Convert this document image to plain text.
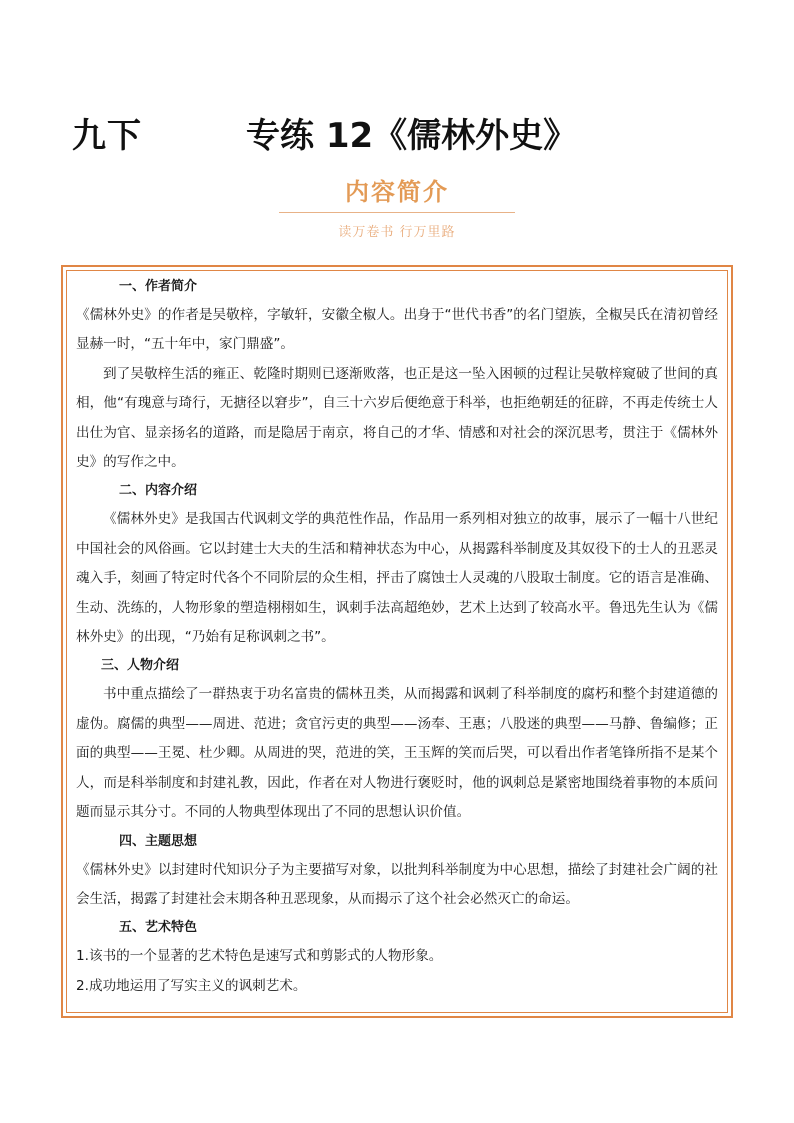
九下	专练 12《儒林外史》
内容简介
读万卷书 行万里路
一、作者简介

《儒林外史》的作者是吴敬梓，字敏轩，安徽全椒人。出身于“世代书香”的名门望族，全椒吴氏在清初曾经显赫一时，“五十年中，家门鼎盛”。

到了吴敬梓生活的雍正、乾隆时期则已逐渐败落，也正是这一坠入困顿的过程让吴敬梓窥破了世间的真相，他“有瑰意与琦行，无搪径以窘步”，自三十六岁后便绝意于科举，也拒绝朝廷的征辟，不再走传统士人出仕为官、显亲扬名的道路，而是隐居于南京，将自己的才华、情感和对社会的深沉思考，贯注于《儒林外史》的写作之中。

二、内容介绍

《儒林外史》是我国古代讽刺文学的典范性作品，作品用一系列相对独立的故事，展示了一幅十八世纪中国社会的风俗画。它以封建士大夫的生活和精神状态为中心，从揭露科举制度及其奴役下的士人的丑恶灵魂入手，刻画了特定时代各个不同阶层的众生相，抨击了腐蚀士人灵魂的八股取士制度。它的语言是准确、生动、洗练的，人物形象的塑造栩栩如生，讽刺手法高超绝妙，艺术上达到了较高水平。鲁迅先生认为《儒林外史》的出现，“乃始有足称讽刺之书”。

三、人物介绍

书中重点描绘了一群热衷于功名富贵的儒林丑类，从而揭露和讽刺了科举制度的腐朽和整个封建道德的虚伪。腐儒的典型——周进、范进；贪官污吏的典型——汤奉、王惠；八股迷的典型——马静、鲁编修；正面的典型——王冕、杜少卿。从周进的哭，范进的笑，王玉辉的笑而后哭，可以看出作者笔锋所指不是某个人，而是科举制度和封建礼教，因此，作者在对人物进行褒贬时，他的讽刺总是紧密地围绕着事物的本质问题而显示其分寸。不同的人物典型体现出了不同的思想认识价值。

四、主题思想

《儒林外史》以封建时代知识分子为主要描写对象，以批判科举制度为中心思想，描绘了封建社会广阔的社会生活，揭露了封建社会末期各种丑恶现象，从而揭示了这个社会必然灭亡的命运。

五、艺术特色

1.该书的一个显著的艺术特色是速写式和剪影式的人物形象。

2.成功地运用了写实主义的讽刺艺术。
